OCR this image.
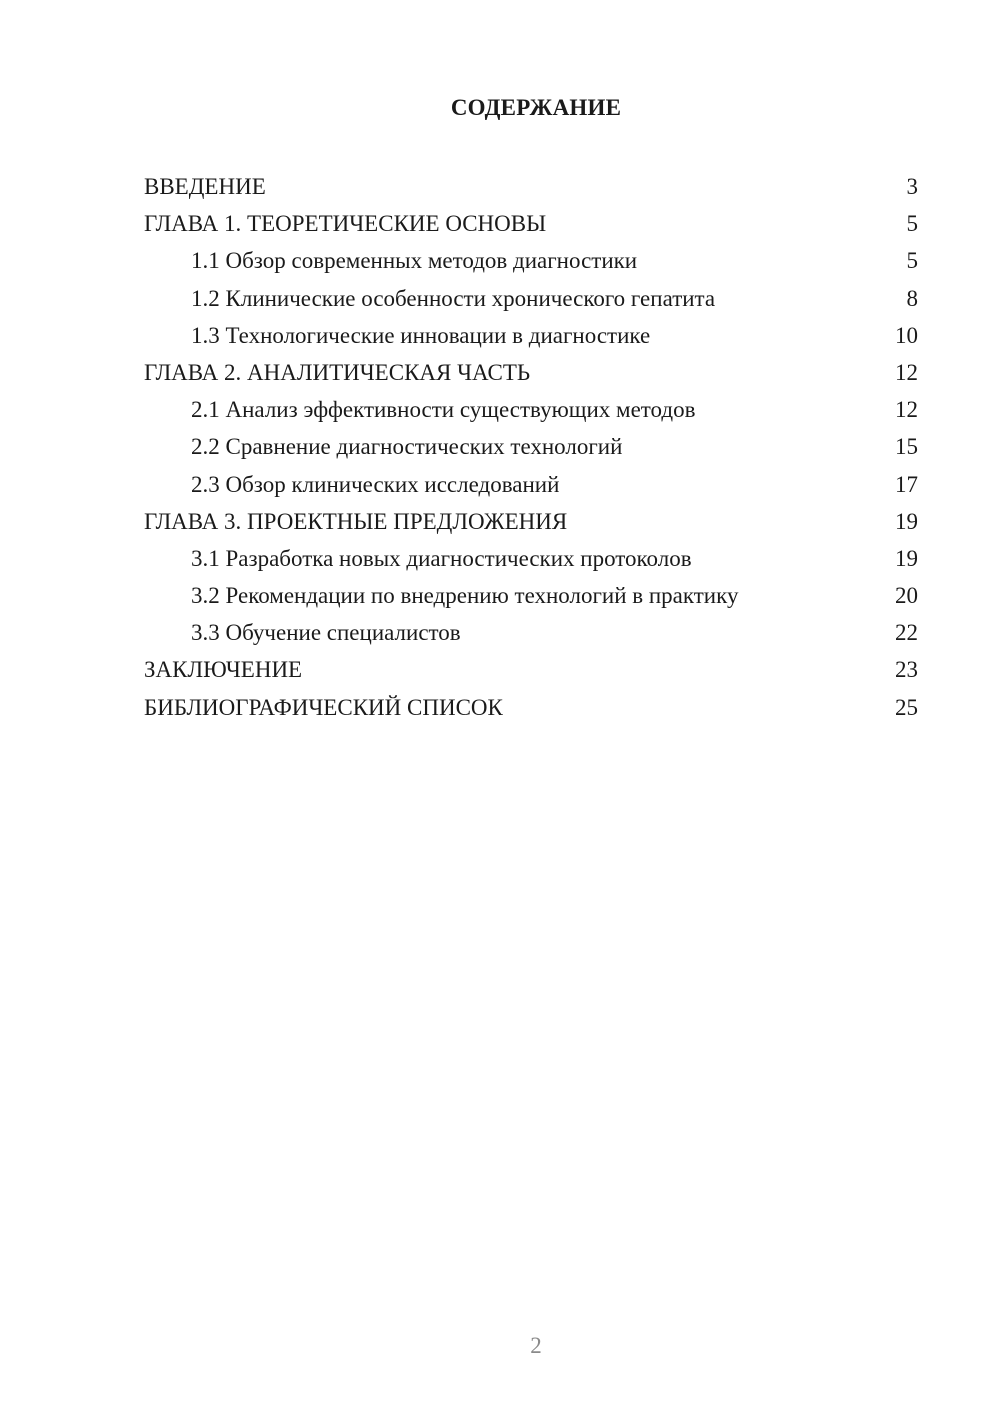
СОДЕРЖАНИЕ
ВВЕДЕНИЕ	3
ГЛАВА 1. ТЕОРЕТИЧЕСКИЕ ОСНОВЫ	5
1.1 Обзор современных методов диагностики	5
1.2 Клинические особенности хронического гепатита	8
1.3 Технологические инновации в диагностике	10
ГЛАВА 2. АНАЛИТИЧЕСКАЯ ЧАСТЬ	12
2.1 Анализ эффективности существующих методов	12
2.2 Сравнение диагностических технологий	15
2.3 Обзор клинических исследований	17
ГЛАВА 3. ПРОЕКТНЫЕ ПРЕДЛОЖЕНИЯ	19
3.1 Разработка новых диагностических протоколов	19
3.2 Рекомендации по внедрению технологий в практику	20
3.3 Обучение специалистов	22
ЗАКЛЮЧЕНИЕ	23
БИБЛИОГРАФИЧЕСКИЙ СПИСОК	25
2
